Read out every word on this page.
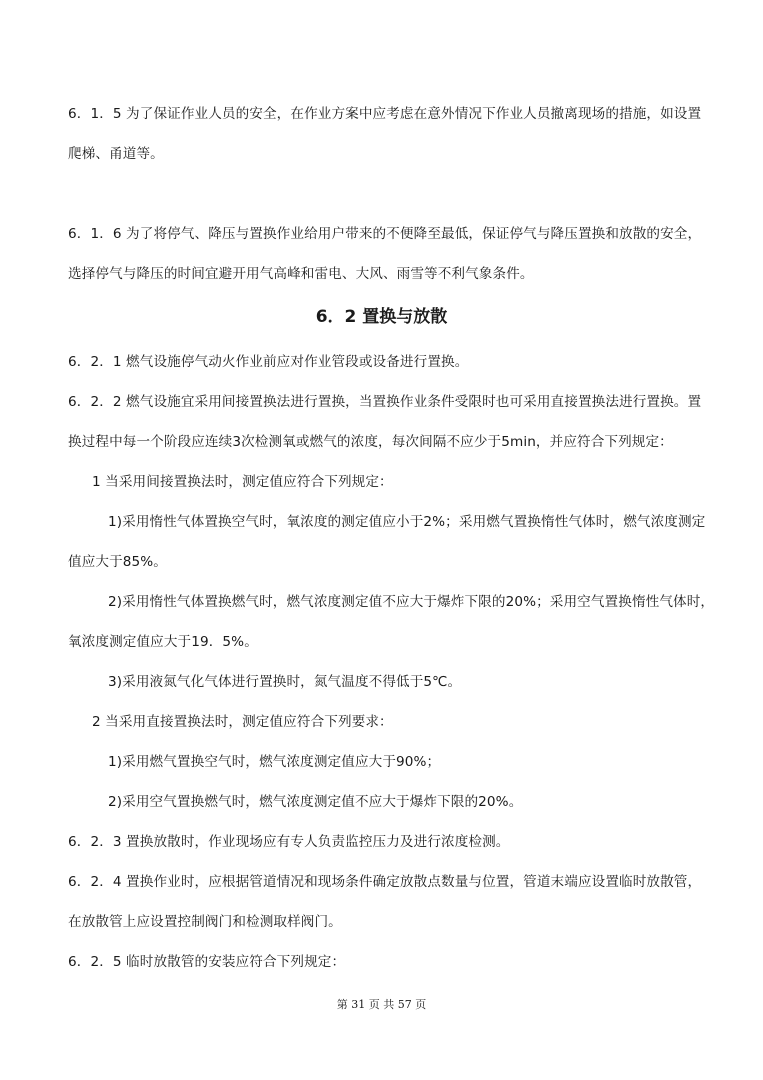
6．1．5 为了保证作业人员的安全，在作业方案中应考虑在意外情况下作业人员撤离现场的措施，如设置
爬梯、甬道等。
6．1．6 为了将停气、降压与置换作业给用户带来的不便降至最低，保证停气与降压置换和放散的安全，
选择停气与降压的时间宜避开用气高峰和雷电、大风、雨雪等不利气象条件。
6．2 置换与放散
6．2．1 燃气设施停气动火作业前应对作业管段或设备进行置换。
6．2．2 燃气设施宜采用间接置换法进行置换，当置换作业条件受限时也可采用直接置换法进行置换。置
换过程中每一个阶段应连续3次检测氧或燃气的浓度，每次间隔不应少于5min，并应符合下列规定：
1 当采用间接置换法时，测定值应符合下列规定：
1)采用惰性气体置换空气时，氧浓度的测定值应小于2%；采用燃气置换惰性气体时，燃气浓度测定
值应大于85%。
2)采用惰性气体置换燃气时，燃气浓度测定值不应大于爆炸下限的20%；采用空气置换惰性气体时，
氧浓度测定值应大于19．5%。
3)采用液氮气化气体进行置换时，氮气温度不得低于5℃。
2 当采用直接置换法时，测定值应符合下列要求：
1)采用燃气置换空气时，燃气浓度测定值应大于90%；
2)采用空气置换燃气时，燃气浓度测定值不应大于爆炸下限的20%。
6．2．3 置换放散时，作业现场应有专人负责监控压力及进行浓度检测。
6．2．4 置换作业时，应根据管道情况和现场条件确定放散点数量与位置，管道末端应设置临时放散管，
在放散管上应设置控制阀门和检测取样阀门。
6．2．5 临时放散管的安装应符合下列规定：
第 31 页 共 57 页
